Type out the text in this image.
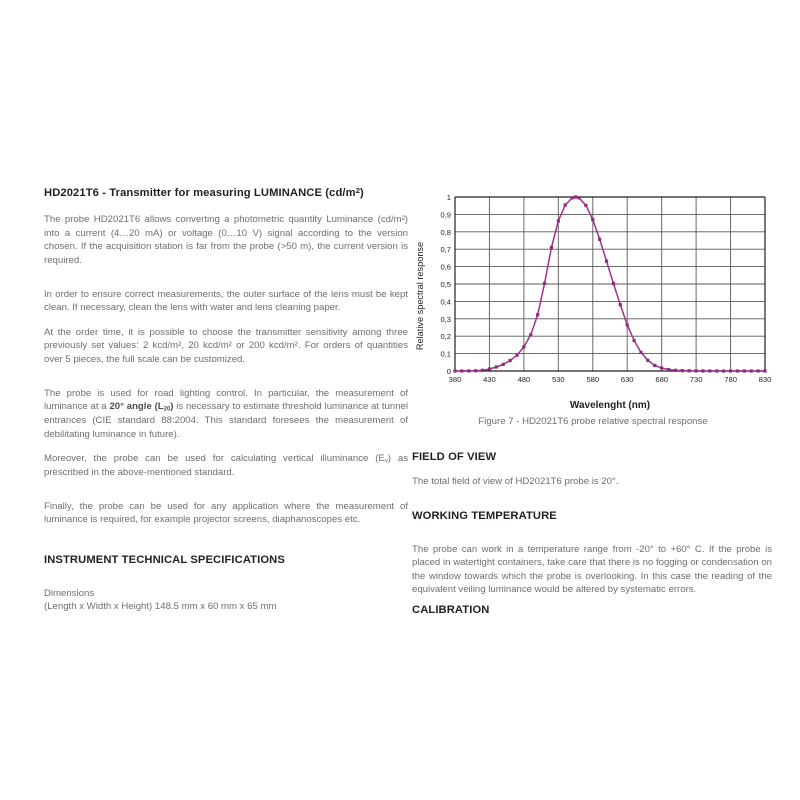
HD2021T6 - Transmitter for measuring LUMINANCE $(cd/m^2)$

The probe HD2021T6 allows converting a photometric quantity Luminance (cd/m²) into a current (4…20 mA) or voltage (0…10 V) signal according to the version chosen. If the acquisition station is far from the probe (>50 m), the current version is required.

In order to ensure correct measurements, the outer surface of the lens must be kept clean. If necessary, clean the lens with water and lens cleaning paper.

At the order time, it is possible to choose the transmitter sensitivity among three previously set values: 2 kcd/m², 20 kcd/m² or 200 kcd/m². For orders of quantities over 5 pieces, the full scale can be customized.

The probe is used for road lighting control. In particular, the measurement of luminance at a 20° angle $(L_{20})$ is necessary to estimate threshold luminance at tunnel entrances (CIE standard 88:2004. This standard foresees the measurement of debilitating luminance in future).

Moreover, the probe can be used for calculating vertical illuminance $(E_v)$ as prescribed in the above-mentioned standard.

Finally, the probe can be used for any application where the measurement of luminance is required, for example projector screens, diaphanoscopes etc.

INSTRUMENT TECHNICAL SPECIFICATIONS

Dimensions

(Length x Width x Height) 148.5 mm x 60 mm x 65 mm

Relative spectral response
1
0,9
0,8
0,7
0,6
0,5
0,4
0,3
0,2
0,1
0
380	430	480	530	580	630	680	730	780	830
Wavelenght (nm)
Figure 7 - HD2021T6 probe relative spectral response
FIELD OF VIEW

The total field of view of HD2021T6 probe is 20°.

WORKING TEMPERATURE

The probe can work in a temperature range from -20° to +60° C. If the probe is placed in watertight containers, take care that there is no fogging or condensation on the window towards which the probe is overlooking. In this case the reading of the equivalent veiling luminance would be altered by systematic errors.

CALIBRATION
